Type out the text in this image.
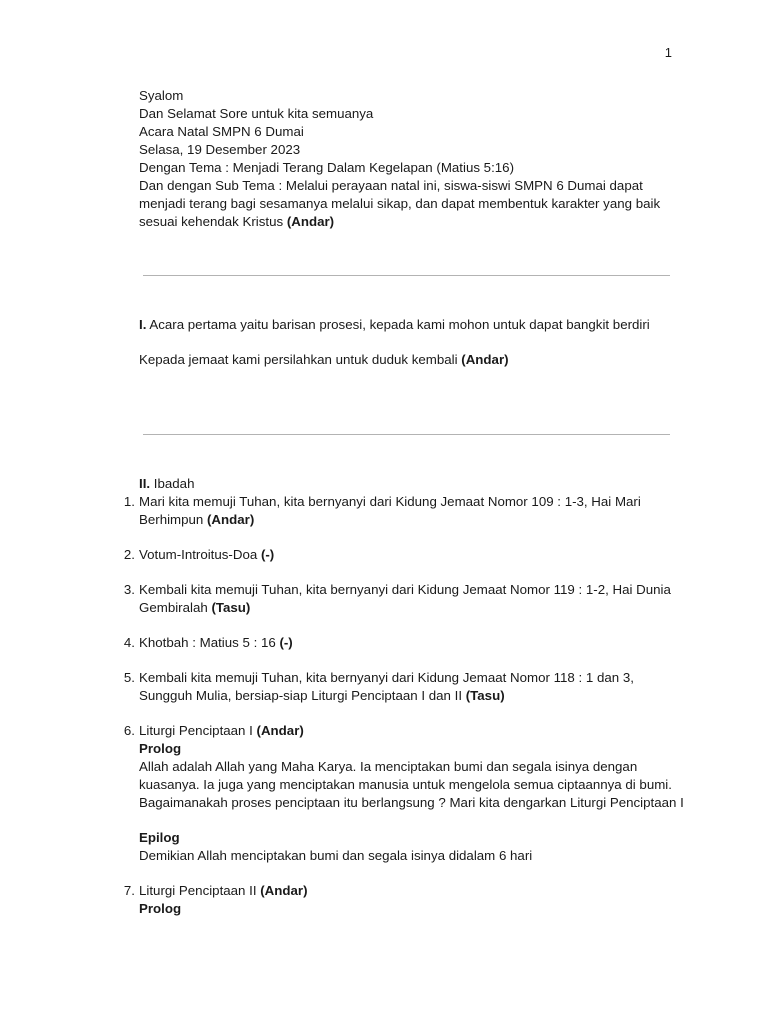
1

Syalom

Dan Selamat Sore untuk kita semuanya

Acara Natal SMPN 6 Dumai

Selasa, 19 Desember 2023

Dengan Tema : Menjadi Terang Dalam Kegelapan (Matius 5:16)

Dan dengan Sub Tema : Melalui perayaan natal ini, siswa-siswi SMPN 6 Dumai dapat menjadi terang bagi sesamanya melalui sikap, dan dapat membentuk karakter yang baik sesuai kehendak Kristus (Andar)

I. Acara pertama yaitu barisan prosesi, kepada kami mohon untuk dapat bangkit berdiri

Kepada jemaat kami persilahkan untuk duduk kembali (Andar)

II. Ibadah

1. Mari kita memuji Tuhan, kita bernyanyi dari Kidung Jemaat Nomor 109 : 1-3, Hai Mari Berhimpun (Andar)
2. Votum-Introitus-Doa (-)
3. Kembali kita memuji Tuhan, kita bernyanyi dari Kidung Jemaat Nomor 119 : 1-2, Hai Dunia Gembiralah (Tasu)
4. Khotbah : Matius 5 : 16 (-)
5. Kembali kita memuji Tuhan, kita bernyanyi dari Kidung Jemaat Nomor 118 : 1 dan 3, Sungguh Mulia, bersiap-siap Liturgi Penciptaan I dan II (Tasu)
6. Liturgi Penciptaan I (Andar)
Prolog
Allah adalah Allah yang Maha Karya. Ia menciptakan bumi dan segala isinya dengan kuasanya. Ia juga yang menciptakan manusia untuk mengelola semua ciptaannya di bumi. Bagaimanakah proses penciptaan itu berlangsung ? Mari kita dengarkan Liturgi Penciptaan I
Epilog
Demikian Allah menciptakan bumi dan segala isinya didalam 6 hari
7. Liturgi Penciptaan II (Andar)
Prolog
